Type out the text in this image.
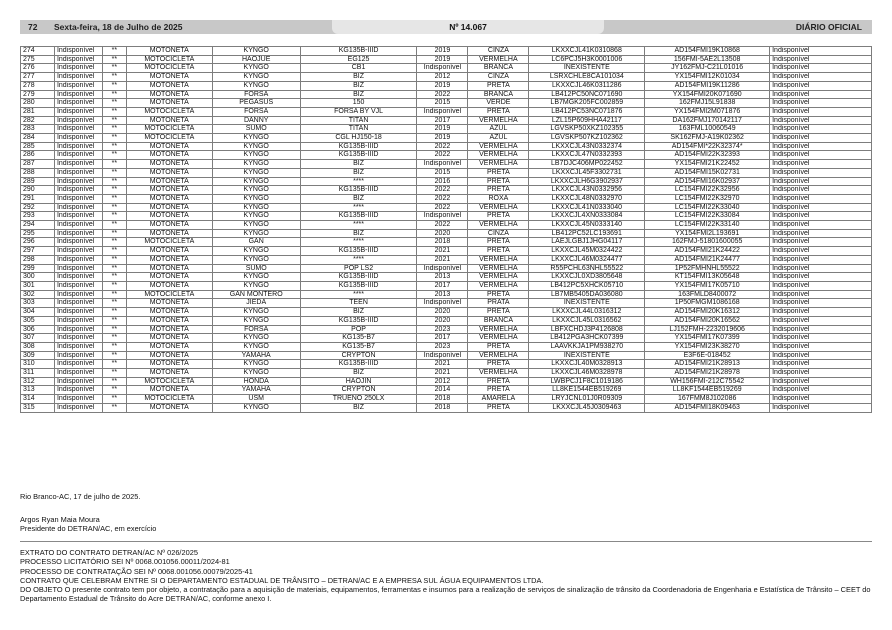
72 Sexta-feira, 18 de Julho de 2025	Nº 14.067	DIÁRIO OFICIAL
274	Indisponível	**	MOTONETA	KYNGO	KG135B-IIID	2019	CINZA	LKXXCJL41K0310868	AD154FMI19K10868	Indisponível
275	Indisponível	**	MOTOCICLETA	HAOJUE	EG125	2019	VERMELHA	LC6PCJ5H3K0001006	156FMI-5AE2L13508	Indisponível
276	Indisponível	**	MOTOCICLETA	KYNGO	CB1	Indisponível	BRANCA	INEXISTENTE	JY162FMJ-C21L01016	Indisponível
277	Indisponível	**	MOTONETA	KYNGO	BIZ	2012	CINZA	LSRXCHLE8CA101034	YX154FMI12K01034	Indisponível
278	Indisponível	**	MOTONETA	KYNGO	BIZ	2019	PRETA	LKXXCJL46K0311286	AD154FMI19K11286	Indisponível
279	Indisponível	**	MOTONETA	FORSA	BIZ	2022	BRANCA	LB412PC50NC071690	YX154FMI20K071690	Indisponível
280	Indisponível	**	MOTONETA	PEGASUS	150	2015	VERDE	LB7MGK205FC002859	162FMJ15L91838	Indisponível
281	Indisponível	**	MOTOCICLETA	FORSA	FORSA BY VJL	Indisponível	PRETA	LB412PC53NC071876	YX154FMI2M071876	Indisponível
282	Indisponível	**	MOTONETA	DANNY	TITAN	2017	VERMELHA	LZL15P609HHA42117	DA162FMJ170142117	Indisponível
283	Indisponível	**	MOTOCICLETA	SUMO	TITAN	2019	AZUL	LGVSKP50XKZ102355	163FML10060549	Indisponível
284	Indisponível	**	MOTOCICLETA	KYNGO	CGL HJ150-18	2019	AZUL	LGVSKP507KZ102362	SK162FMJ-A19K02362	Indisponível
285	Indisponível	**	MOTONETA	KYNGO	KG135B-IIID	2022	VERMELHA	LKXXCJL43N0332374	AD154FMI*22K32374*	Indisponível
286	Indisponível	**	MOTONETA	KYNGO	KG135B-IIID	2022	VERMELHA	LKXXCJL47N0332393	AD154FMI22K32393	Indisponível
287	Indisponível	**	MOTONETA	KYNGO	BIZ	Indisponível	VERMELHA	LB7DJC406MP022452	YX154FMI21K22452	Indisponível
288	Indisponível	**	MOTONETA	KYNGO	BIZ	2015	PRETA	LKXXCJL45F3302731	AD154FMI15K02731	Indisponível
289	Indisponível	**	MOTONETA	KYNGO	****	2016	PRETA	LKXXCJLH6G3902937	AD154FMI16K02937	Indisponível
290	Indisponível	**	MOTONETA	KYNGO	KG135B-IIID	2022	PRETA	LKXXCJL43N0332956	LC154FMI22K32956	Indisponível
291	Indisponível	**	MOTONETA	KYNGO	BIZ	2022	ROXA	LKXXCJL48N0332970	LC154FMI22K32970	Indisponível
292	Indisponível	**	MOTONETA	KYNGO	****	2022	VERMELHA	LKXXCJL41N0333040	LC154FMI22K33040	Indisponível
293	Indisponível	**	MOTONETA	KYNGO	KG135B-IIID	Indisponível	PRETA	LKXXCJL4XN0333084	LC154FMI22K33084	Indisponível
294	Indisponível	**	MOTONETA	KYNGO	****	2022	VERMELHA	LKXXCJL45N0333140	LC154FMI22K33140	Indisponível
295	Indisponível	**	MOTONETA	KYNGO	BIZ	2020	CINZA	LB412PC52LC193691	YX154FMI2L193691	Indisponível
296	Indisponível	**	MOTOCICLETA	GAN	****	2018	PRETA	LAEJLGBJ1JHG04117	162FMJ-51801600055	Indisponível
297	Indisponível	**	MOTONETA	KYNGO	KG135B-IIID	2021	PRETA	LKXXCJL45M0324422	AD154FMI21K24422	Indisponível
298	Indisponível	**	MOTONETA	KYNGO	****	2021	VERMELHA	LKXXCJL46M0324477	AD154FMI21K24477	Indisponível
299	Indisponível	**	MOTONETA	SUMO	POP LS2	Indisponível	VERMELHA	R55PCHL63NHL55522	1P52FMHNHL55522	Indisponível
300	Indisponível	**	MOTONETA	KYNGO	KG135B-IIID	2013	VERMELHA	LKXXCJL0XD3805648	KT154FMI13K05648	Indisponível
301	Indisponível	**	MOTONETA	KYNGO	KG135B-IIID	2017	VERMELHA	LB412PC5XHCK05710	YX154FMI17K05710	Indisponível
302	Indisponível	**	MOTOCICLETA	GAN MONTERO	****	2013	PRETA	LB7MB5405DA036080	163FMLD8400072	Indisponível
303	Indisponível	**	MOTONETA	JIEDA	TEEN	Indisponível	PRATA	INEXISTENTE	1P50FMGM1086168	Indisponível
304	Indisponível	**	MOTONETA	KYNGO	BIZ	2020	PRETA	LKXXCJL44L0316312	AD154FMI20K16312	Indisponível
305	Indisponível	**	MOTONETA	KYNGO	KG135B-IIID	2020	BRANCA	LKXXCJL45L0316562	AD154FMI20K16562	Indisponível
306	Indisponível	**	MOTONETA	FORSA	POP	2023	VERMELHA	LBFXCHDJ3P4126808	LJ152FMH-2232019606	Indisponível
307	Indisponível	**	MOTONETA	KYNGO	KG135-B7	2017	VERMELHA	LB412PGA3HCK07399	YX154FMI17K07399	Indisponível
308	Indisponível	**	MOTONETA	KYNGO	KG135-B7	2023	PRETA	LAAVKKJA1PM938270	YX154FMI23K38270	Indisponível
309	Indisponível	**	MOTONETA	YAMAHA	CRYPTON	Indisponível	VERMELHA	INEXISTENTE	E3F6E-018452	Indisponível
310	Indisponível	**	MOTONETA	KYNGO	KG135B-IIID	2021	PRETA	LKXXCJL40M0328913	AD154FMI21K28913	Indisponível
311	Indisponível	**	MOTONETA	KYNGO	BIZ	2021	VERMELHA	LKXXCJL46M0328978	AD154FMI21K28978	Indisponível
312	Indisponível	**	MOTOCICLETA	HONDA	HAOJIN	2012	PRETA	LWBPCJ1F8C1019186	WH156FMI-212C75542	Indisponível
313	Indisponível	**	MOTONETA	YAMAHA	CRYPTON	2014	PRETA	LL8KE1544EB519269	LL8KF1544EB519269	Indisponível
314	Indisponível	**	MOTOCICLETA	USM	TRUENO 250LX	2018	AMARELA	LRYJCNL01J0R09309	167FMM8J102086	Indisponível
315	Indisponível	**	MOTONETA	KYNGO	BIZ	2018	PRETA	LKXXCJL45J0309463	AD154FMI18K09463	Indisponível
Rio Branco-AC, 17 de julho de 2025.
Argos Ryan Maia Moura
Presidente do DETRAN/AC, em exercício
EXTRATO DO CONTRATO DETRAN/AC Nº 026/2025
PROCESSO LICITATÓRIO SEI Nº 0068.001056.00011/2024-81
PROCESSO DE CONTRATAÇÃO SEI Nº 0068.001056.00079/2025-41
CONTRATO QUE CELEBRAM ENTRE SI O DEPARTAMENTO ESTADUAL DE TRÂNSITO – DETRAN/AC E A EMPRESA SUL ÁGUA EQUIPAMENTOS LTDA.
DO OBJETO O presente contrato tem por objeto, a contratação para a aquisição de materiais, equipamentos, ferramentas e insumos para a realização de serviços de sinalização de trânsito da Coordenadoria de Engenharia e Estatística de Trânsito – CEET do Departamento Estadual de Trânsito do Acre DETRAN/AC, conforme anexo I.
